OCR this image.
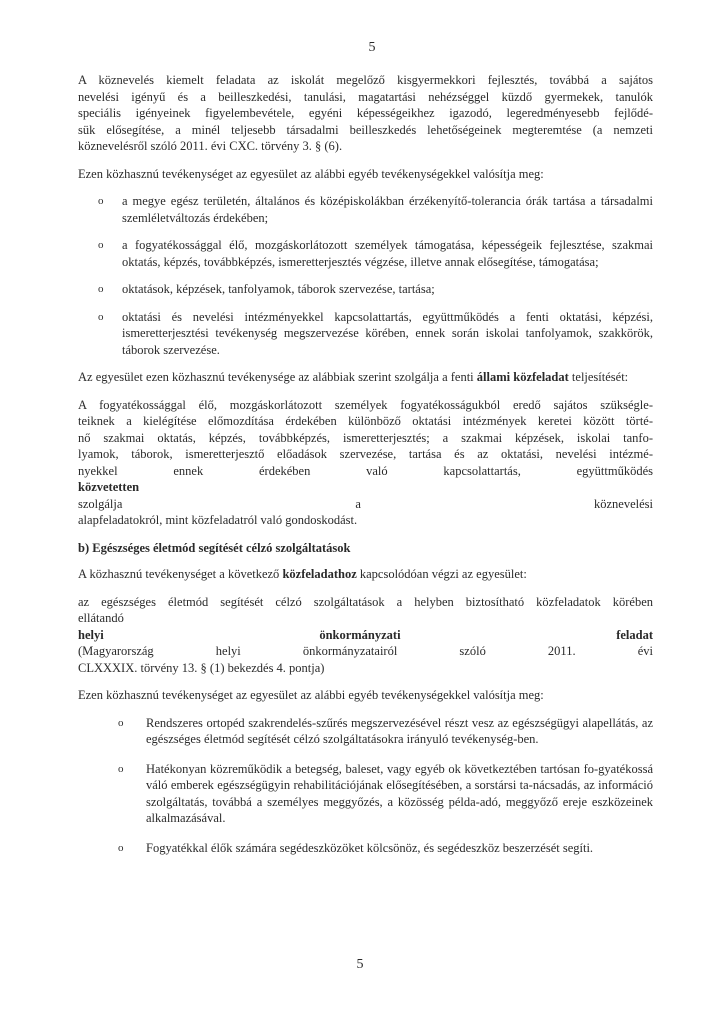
5

A köznevelés kiemelt feladata az iskolát megelőző kisgyermekkori fejlesztés, továbbá a sajátos
nevelési igényű és a beilleszkedési, tanulási, magatartási nehézséggel küzdő gyermekek, tanulók
speciális igényeinek figyelembevétele, egyéni képességeikhez igazodó, legeredményesebb fejlődé-
sük elősegítése, a minél teljesebb társadalmi beilleszkedés lehetőségeinek megteremtése (a nemzeti
köznevelésről szóló 2011. évi CXC. törvény 3. § (6).

Ezen közhasznú tevékenységet az egyesület az alábbi egyéb tevékenységekkel valósítja meg:

o a megye egész területén, általános és középiskolákban érzékenyítő-tolerancia órák tartása a társadalmi szemléletváltozás érdekében;
o a fogyatékossággal élő, mozgáskorlátozott személyek támogatása, képességeik fejlesztése, szakmai oktatás, képzés, továbbképzés, ismeretterjesztés végzése, illetve annak elősegítése, támogatása;
o oktatások, képzések, tanfolyamok, táborok szervezése, tartása;
o oktatási és nevelési intézményekkel kapcsolattartás, együttműködés a fenti oktatási, képzési, ismeretterjesztési tevékenység megszervezése körében, ennek során iskolai tanfolyamok, szakkörök, táborok szervezése.

Az egyesület ezen közhasznú tevékenysége az alábbiak szerint szolgálja a fenti állami közfeladat teljesítését:

A fogyatékossággal élő, mozgáskorlátozott személyek fogyatékosságukból eredő sajátos szükségle-
teiknek a kielégítése előmozdítása érdekében különböző oktatási intézmények keretei között törté-
nő szakmai oktatás, képzés, továbbképzés, ismeretterjesztés; a szakmai képzések, iskolai tanfo-
lyamok, táborok, ismeretterjesztő előadások szervezése, tartása és az oktatási, nevelési intézmé-
nyekkel ennek érdekében való kapcsolattartás, együttműködés
közvetetten
szolgálja a köznevelési
alapfeladatokról, mint közfeladatról való gondoskodást.

b) Egészséges életmód segítését célzó szolgáltatások

A közhasznú tevékenységet a következő közfeladathoz kapcsolódóan végzi az egyesület:

az egészséges életmód segítését célzó szolgáltatások a helyben biztosítható közfeladatok körében
ellátandó
helyi önkormányzati feladat
(Magyarország helyi önkormányzatairól szóló 2011. évi
CLXXXIX. törvény 13. § (1) bekezdés 4. pontja)

Ezen közhasznú tevékenységet az egyesület az alábbi egyéb tevékenységekkel valósítja meg:

o Rendszeres ortopéd szakrendelés-szűrés megszervezésével részt vesz az egészségügyi alapellátás, az egészséges életmód segítését célzó szolgáltatásokra irányuló tevékenység-ben.
o Hatékonyan közreműködik a betegség, baleset, vagy egyéb ok következtében tartósan fo-gyatékossá váló emberek egészségügyin rehabilitációjának elősegítésében, a sorstársi ta-nácsadás, az információ szolgáltatás, továbbá a személyes meggyőzés, a közösség példa-adó, meggyőző ereje eszközeinek alkalmazásával.
o Fogyatékkal élők számára segédeszközöket kölcsönöz, és segédeszköz beszerzését segíti.
5
